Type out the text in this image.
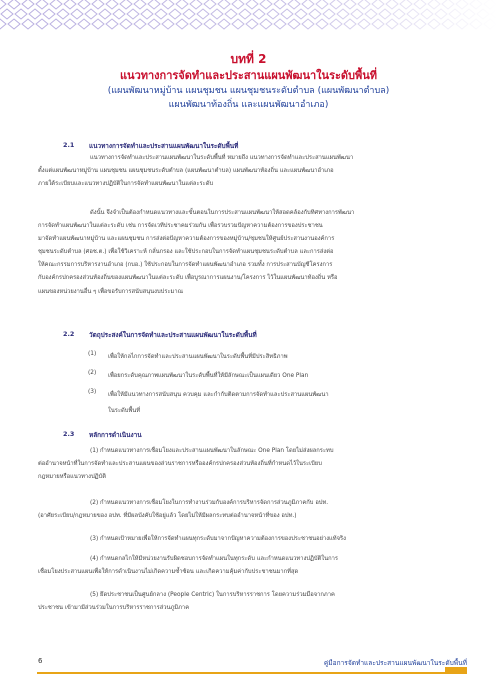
บทที่ 2
แนวทางการจัดทำและประสานแผนพัฒนาในระดับพื้นที่
(แผนพัฒนาหมู่บ้าน แผนชุมชน แผนชุมชนระดับตำบล (แผนพัฒนาตำบล)
แผนพัฒนาท้องถิ่น และแผนพัฒนาอำเภอ)
2.1 แนวทางการจัดทำและประสานแผนพัฒนาในระดับพื้นที่
แนวทางการจัดทำและประสานแผนพัฒนาในระดับพื้นที่ หมายถึง แนวทางการจัดทำและประสานแผนพัฒนา
ตั้งแต่แผนพัฒนาหมู่บ้าน แผนชุมชน แผนชุมชนระดับตำบล (แผนพัฒนาตำบล) แผนพัฒนาท้องถิ่น และแผนพัฒนาอำเภอ
ภายใต้ระเบียบและแนวทางปฏิบัติในการจัดทำแผนพัฒนาในแต่ละระดับ
ดังนั้น จึงจำเป็นต้องกำหนดแนวทางและขั้นตอนในการประสานแผนพัฒนาให้สอดคล้องกับทิศทางการพัฒนา
การจัดทำแผนพัฒนาในแต่ละระดับ เช่น การจัดเวทีประชาคมร่วมกัน เพื่อรวบรวมปัญหาความต้องการของประชาชน
มาจัดทำแผนพัฒนาหมู่บ้าน และแผนชุมชน การส่งต่อปัญหาความต้องการของหมู่บ้าน/ชุมชนให้ศูนย์ประสานงานองค์การ
ชุมชนระดับตำบล (ศอช.ต.) เพื่อใช้วิเคราะห์ กลั่นกรอง และใช้ประกอบในการจัดทำแผนชุมชนระดับตำบล และการส่งต่อ
ให้คณะกรรมการบริหารงานอำเภอ (กบอ.) ใช้ประกอบในการจัดทำแผนพัฒนาอำเภอ รวมทั้ง การประสานบัญชีโครงการ
กับองค์กรปกครองส่วนท้องถิ่นของแผนพัฒนาในแต่ละระดับ เพื่อบูรณาการแผนงาน/โครงการ ไว้ในแผนพัฒนาท้องถิ่น หรือ
แผนของหน่วยงานอื่น ๆ เพื่อขอรับการสนับสนุนงบประมาณ
2.2 วัตถุประสงค์ในการจัดทำและประสานแผนพัฒนาในระดับพื้นที่
(1) เพื่อให้กลไกการจัดทำและประสานแผนพัฒนาในระดับพื้นที่มีประสิทธิภาพ
(2) เพื่อยกระดับคุณภาพแผนพัฒนาในระดับพื้นที่ให้มีลักษณะเป็นแผนเดียว One Plan
(3) เพื่อให้มีแนวทางการสนับสนุน ควบคุม และกำกับติดตามการจัดทำและประสานแผนพัฒนา
ในระดับพื้นที่
2.3 หลักการดำเนินงาน
(1) กำหนดแนวทางการเชื่อมโยงและประสานแผนพัฒนาในลักษณะ One Plan โดยไม่ส่งผลกระทบ
ต่ออำนาจหน้าที่ในการจัดทำและประสานแผนของส่วนราชการหรือองค์กรปกครองส่วนท้องถิ่นที่กำหนดไว้ในระเบียบ
กฎหมายหรือแนวทางปฏิบัติ
(2) กำหนดแนวทางการเชื่อมโยงในการทำงานร่วมกับองค์การบริหารจัดการส่วนภูมิภาคกับ อปท.
(อาศัยระเบียบ/กฎหมายของ อปท. ที่มีผลบังคับใช้อยู่แล้ว โดยไม่ให้มีผลกระทบต่ออำนาจหน้าที่ของ อปท.)
(3) กำหนดเป้าหมายเพื่อให้การจัดทำแผนทุกระดับมาจากปัญหาความต้องการของประชาชนอย่างแท้จริง
(4) กำหนดกลไกให้มีหน่วยงานรับผิดชอบการจัดทำแผนในทุกระดับ และกำหนดแนวทางปฏิบัติในการ
เชื่อมโยงประสานแผนเพื่อให้การดำเนินงานไม่เกิดความซ้ำซ้อน และเกิดความคุ้มค่ากับประชาชนมากที่สุด
(5) ยึดประชาชนเป็นศูนย์กลาง (People Centric) ในการบริหารราชการ โดยความร่วมมือจากภาค
ประชาชน เข้ามามีส่วนร่วมในการบริหารราชการส่วนภูมิภาค
6	คู่มือการจัดทำและประสานแผนพัฒนาในระดับพื้นที่
